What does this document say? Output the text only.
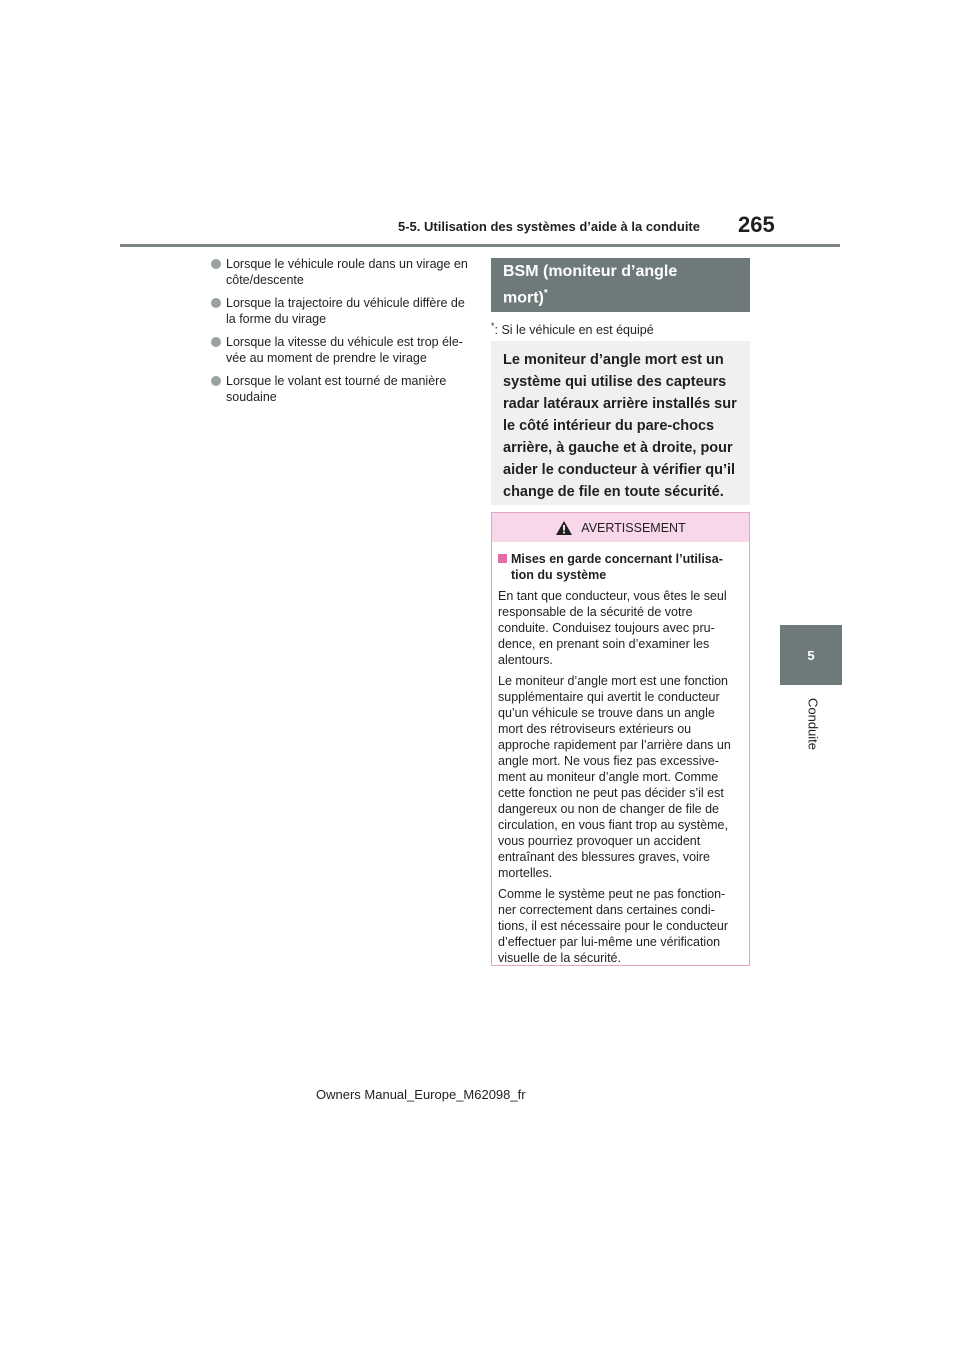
5-5. Utilisation des systèmes d’aide à la conduite 265
5
Conduite
Lorsque le véhicule roule dans un virage en côte/descente
Lorsque la trajectoire du véhicule diffère de la forme du virage
Lorsque la vitesse du véhicule est trop éle-vée au moment de prendre le virage
Lorsque le volant est tourné de manière soudaine
BSM (moniteur d’angle
mort)*
*: Si le véhicule en est équipé
Le moniteur d’angle mort est un
système qui utilise des capteurs
radar latéraux arrière installés sur
le côté intérieur du pare-chocs
arrière, à gauche et à droite, pour
aider le conducteur à vérifier qu’il
change de file en toute sécurité.
AVERTISSEMENT
Mises en garde concernant l’utilisa-tion du système

En tant que conducteur, vous êtes le seul responsable de la sécurité de votre conduite. Conduisez toujours avec pru-dence, en prenant soin d’examiner les alentours.

Le moniteur d’angle mort est une fonction supplémentaire qui avertit le conducteur qu’un véhicule se trouve dans un angle mort des rétroviseurs extérieurs ou approche rapidement par l’arrière dans un angle mort. Ne vous fiez pas excessive-ment au moniteur d’angle mort. Comme cette fonction ne peut pas décider s’il est dangereux ou non de changer de file de circulation, en vous fiant trop au système, vous pourriez provoquer un accident entraînant des blessures graves, voire mortelles.

Comme le système peut ne pas fonction-ner correctement dans certaines condi-tions, il est nécessaire pour le conducteur d’effectuer par lui-même une vérification visuelle de la sécurité.

Owners Manual_Europe_M62098_fr
